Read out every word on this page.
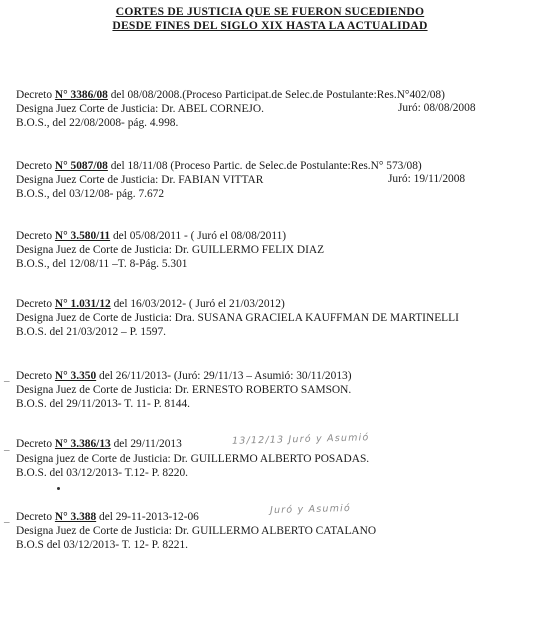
CORTES DE JUSTICIA QUE SE FUERON SUCEDIENDO
DESDE FINES DEL SIGLO XIX HASTA LA ACTUALIDAD
Decreto N° 3386/08 del 08/08/2008.(Proceso Participat.de Selec.de Postulante:Res.N°402/08)
Designa Juez Corte de Justicia: Dr. ABEL CORNEJO.	Juró: 08/08/2008
B.O.S., del 22/08/2008- pág. 4.998.
Decreto N° 5087/08 del 18/11/08 (Proceso Partic. de Selec.de Postulante:Res.N° 573/08)
Designa Juez Corte de Justicia: Dr. FABIAN VITTAR	Juró: 19/11/2008
B.O.S., del 03/12/08- pág. 7.672
Decreto N° 3.580/11 del 05/08/2011 - ( Juró el 08/08/2011)
Designa Juez de Corte de Justicia: Dr. GUILLERMO FELIX DIAZ
B.O.S., del 12/08/11 –T. 8-Pág. 5.301
Decreto N° 1.031/12 del 16/03/2012- ( Juró el 21/03/2012)
Designa Juez de Corte de Justicia: Dra. SUSANA GRACIELA KAUFFMAN DE MARTINELLI
B.O.S. del 21/03/2012 – P. 1597.
_ Decreto N° 3.350 del 26/11/2013- (Juró: 29/11/13 – Asumió: 30/11/2013)
Designa Juez de Corte de Justicia: Dr. ERNESTO ROBERTO SAMSON.
B.O.S. del 29/11/2013- T. 11- P. 8144.
_ Decreto N° 3.386/13 del 29/11/2013	13/12/13 Juró y Asumió
Designa juez de Corte de Justicia: Dr. GUILLERMO ALBERTO POSADAS.
B.O.S. del 03/12/2013- T.12- P. 8220.
_ Decreto N° 3.388 del 29-11-2013-12-06
Juró y Asumió
Designa Juez de Corte de Justicia: Dr. GUILLERMO ALBERTO CATALANO
B.O.S del 03/12/2013- T. 12- P. 8221.
